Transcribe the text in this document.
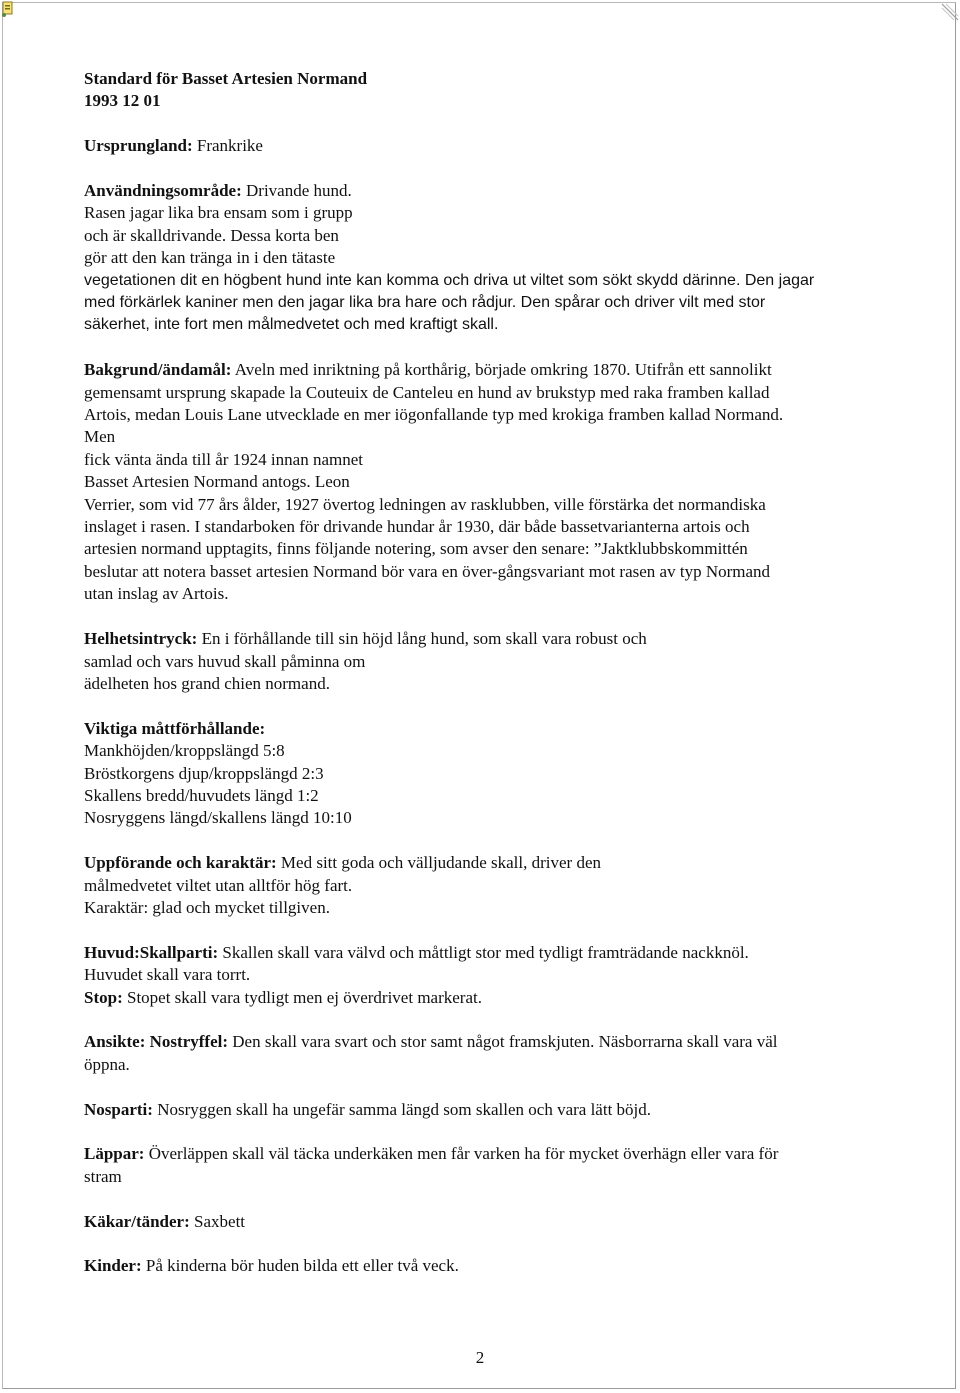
Standard för Basset Artesien Normand
1993 12 01
Ursprungland: Frankrike
Användningsområde: Drivande hund.
Rasen jagar lika bra ensam som i grupp
och är skalldrivande. Dessa korta ben
gör att den kan tränga in i den tätaste
vegetationen dit en högbent hund inte kan komma och driva ut viltet som sökt skydd därinne. Den jagar
med förkärlek kaniner men den jagar lika bra hare och rådjur. Den spårar och driver vilt med stor
säkerhet, inte fort men målmedvetet och med kraftigt skall.
Bakgrund/ändamål: Aveln med inriktning på korthårig, började omkring 1870. Utifrån ett sannolikt
gemensamt ursprung skapade la Couteuix de Canteleu en hund av brukstyp med raka framben kallad
Artois, medan Louis Lane utvecklade en mer iögonfallande typ med krokiga framben kallad Normand.
Men
fick vänta ända till år 1924 innan namnet
Basset Artesien Normand antogs. Leon
Verrier, som vid 77 års ålder, 1927 övertog ledningen av rasklubben, ville förstärka det normandiska
inslaget i rasen. I standarboken för drivande hundar år 1930, där både bassetvarianterna artois och
artesien normand upptagits, finns följande notering, som avser den senare: ”Jaktklubbskommittén
beslutar att notera basset artesien Normand bör vara en över-gångsvariant mot rasen av typ Normand
utan inslag av Artois.
Helhetsintryck: En i förhållande till sin höjd lång hund, som skall vara robust och
samlad och vars huvud skall påminna om
ädelheten hos grand chien normand.
Viktiga måttförhållande:
Mankhöjden/kroppslängd 5:8
Bröstkorgens djup/kroppslängd 2:3
Skallens bredd/huvudets längd 1:2
Nosryggens längd/skallens längd 10:10
Uppförande och karaktär: Med sitt goda och välljudande skall, driver den
målmedvetet viltet utan alltför hög fart.
Karaktär: glad och mycket tillgiven.
Huvud:Skallparti: Skallen skall vara välvd och måttligt stor med tydligt framträdande nackknöl.
Huvudet skall vara torrt.
Stop: Stopet skall vara tydligt men ej överdrivet markerat.
Ansikte: Nostryffel: Den skall vara svart och stor samt något framskjuten. Näsborrarna skall vara väl
öppna.
Nosparti: Nosryggen skall ha ungefär samma längd som skallen och vara lätt böjd.
Läppar: Överläppen skall väl täcka underkäken men får varken ha för mycket överhägn eller vara för
stram
Käkar/tänder: Saxbett
Kinder: På kinderna bör huden bilda ett eller två veck.
2
